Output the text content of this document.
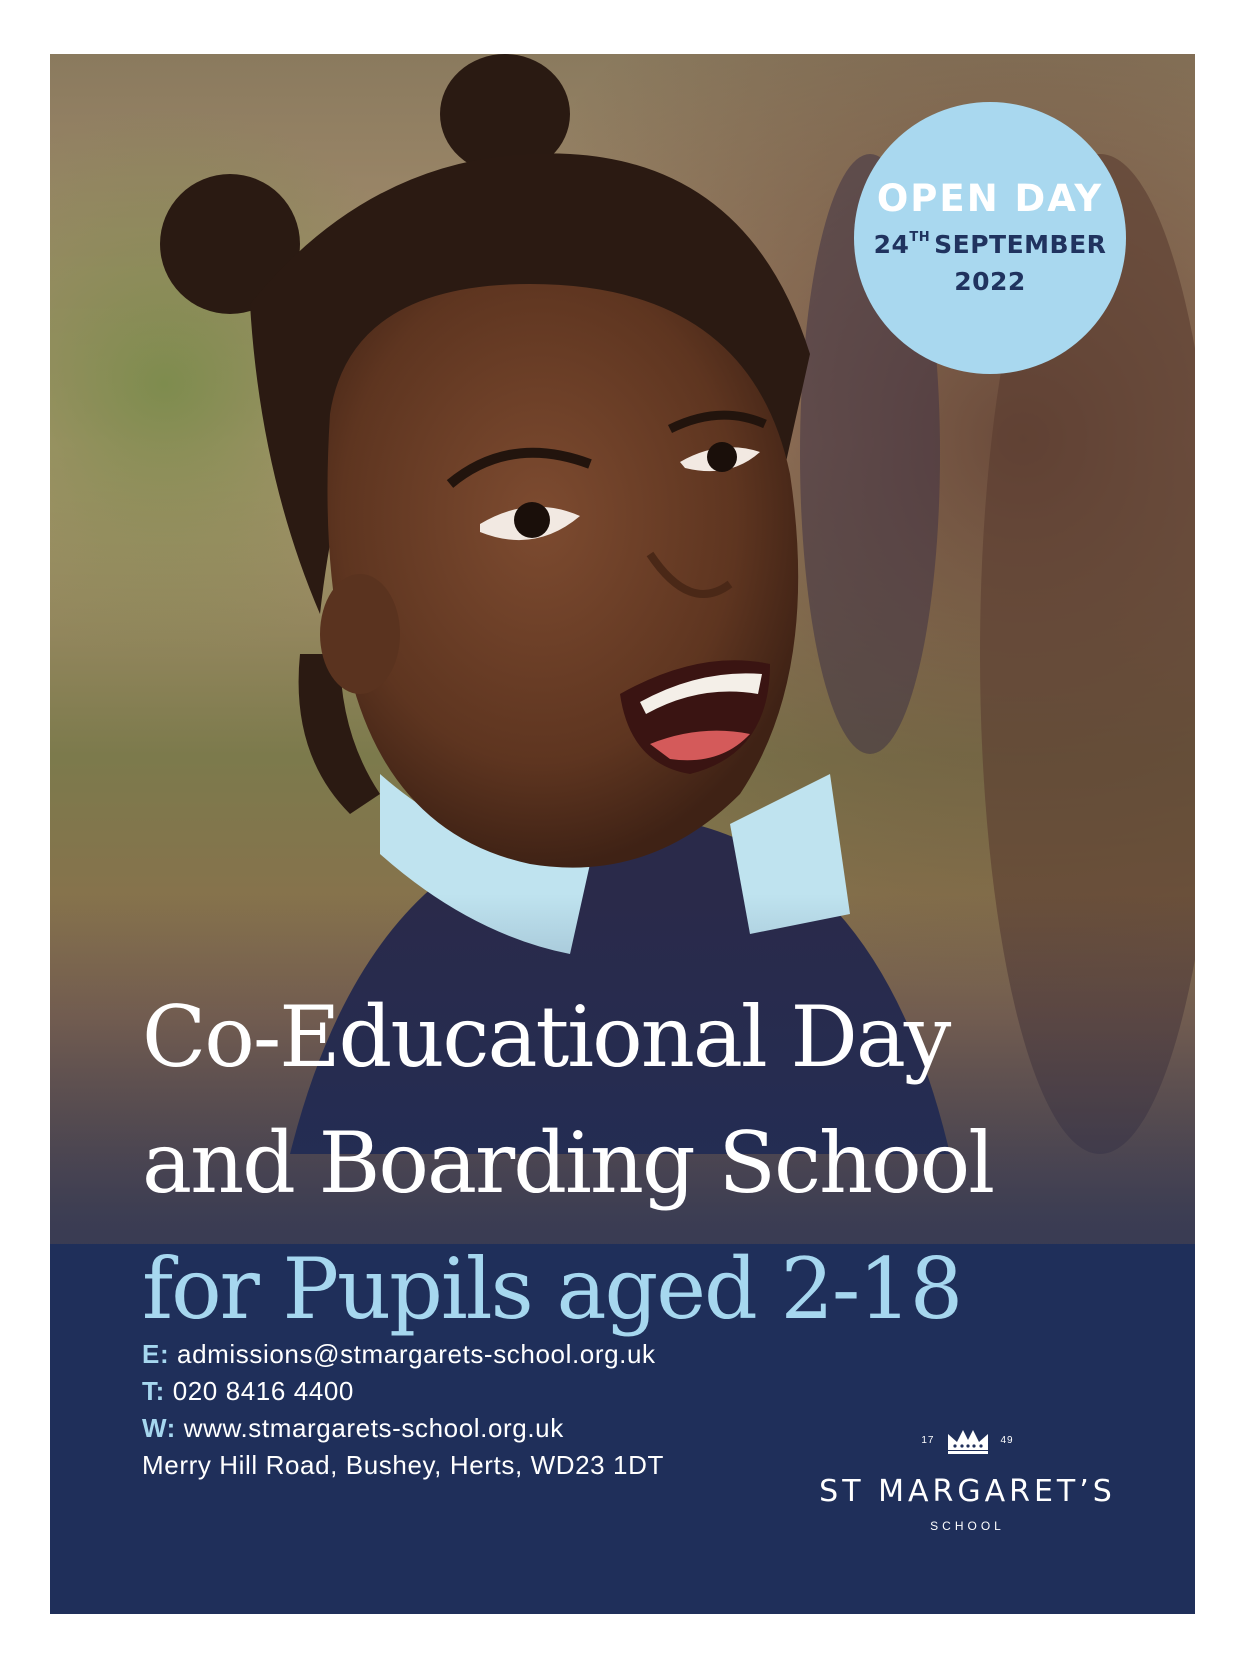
OPEN DAY
24TH SEPTEMBER
2022
Co-Educational Day
and Boarding School
for Pupils aged 2-18
E: admissions@stmargarets-school.org.uk
T: 020 8416 4400
W: www.stmargarets-school.org.uk
Merry Hill Road, Bushey, Herts, WD23 1DT
17	49
ST MARGARET’S
SCHOOL
